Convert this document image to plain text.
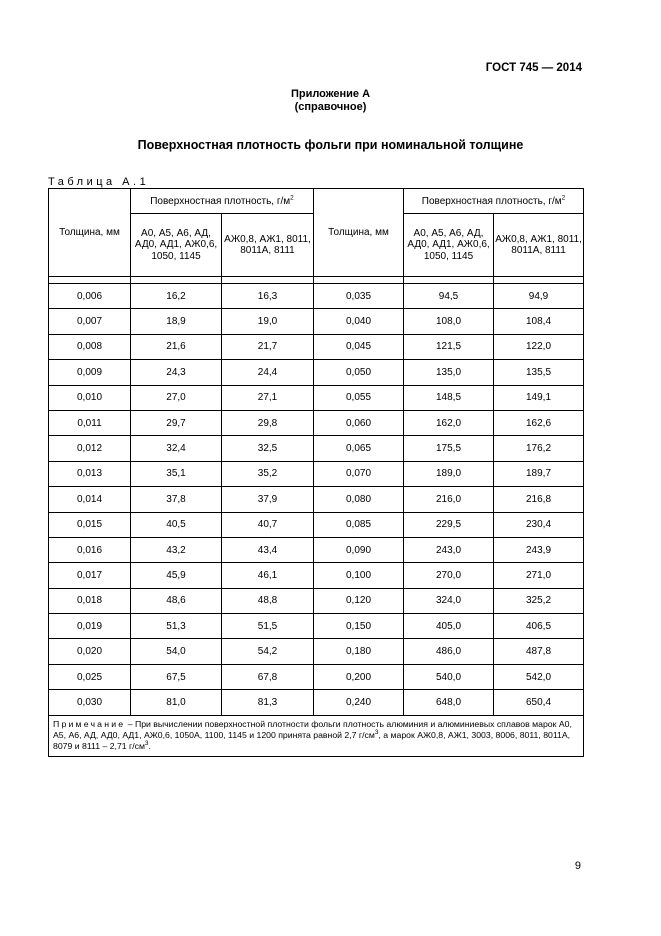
ГОСТ 745 — 2014
Приложение А
(справочное)
Поверхностная плотность фольги при номинальной толщине
Таблица А.1
Толщина, мм	Поверхностная плотность, $г/м^2$		Толщина, мм	Поверхностная плотность, $г/м^2$
	А0, А5, А6, АД, АД0, АД1, АЖ0,6, 1050, 1145	АЖ0,8, АЖ1, 8011, 8011А, 8111		А0, А5, А6, АД, АД0, АД1, АЖ0,6, 1050, 1145	АЖ0,8, АЖ1, 8011, 8011А, 8111

0,006	16,2	16,3	0,035	94,5	94,9
0,007	18,9	19,0	0,040	108,0	108,4
0,008	21,6	21,7	0,045	121,5	122,0
0,009	24,3	24,4	0,050	135,0	135,5
0,010	27,0	27,1	0,055	148,5	149,1
0,011	29,7	29,8	0,060	162,0	162,6
0,012	32,4	32,5	0,065	175,5	176,2
0,013	35,1	35,2	0,070	189,0	189,7
0,014	37,8	37,9	0,080	216,0	216,8
0,015	40,5	40,7	0,085	229,5	230,4
0,016	43,2	43,4	0,090	243,0	243,9
0,017	45,9	46,1	0,100	270,0	271,0
0,018	48,6	48,8	0,120	324,0	325,2
0,019	51,3	51,5	0,150	405,0	406,5
0,020	54,0	54,2	0,180	486,0	487,8
0,025	67,5	67,8	0,200	540,0	542,0
0,030	81,0	81,3	0,240	648,0	650,4
Примечание – При вычислении поверхностной плотности фольги плотность алюминия и алюминиевых сплавов марок А0, А5, А6, АД, АД0, АД1, АЖ0,6, 1050А, 1100, 1145 и 1200 принята равной 2,7 $г/см^3$, а марок АЖ0,8, АЖ1, 3003, 8006, 8011, 8011А, 8079 и 8111 – 2,71 $г/см^3$.					
9
